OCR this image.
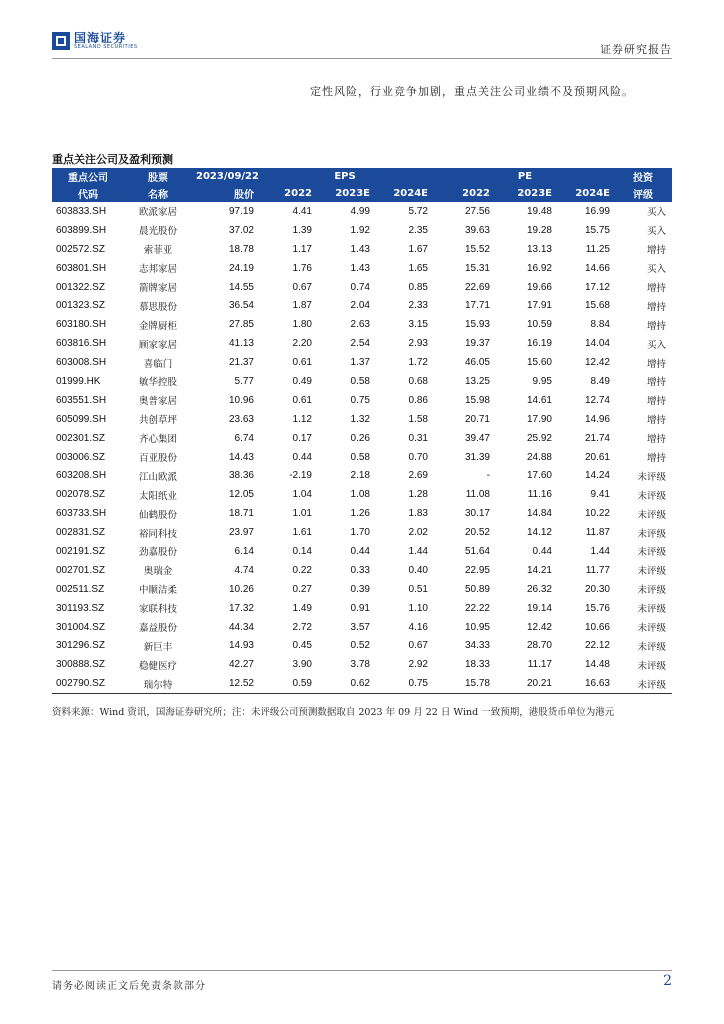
国海证券
SEALAND SECURITIES	证券研究报告
定性风险，行业竞争加剧，重点关注公司业绩不及预期风险。
重点关注公司及盈利预测
重点公司	股票	2023/09/22		EPS			PE		投资
代码	名称	股价	2022	2023E	2024E	2022	2023E	2024E	评级
603833.SH	欧派家居	97.19	4.41	4.99	5.72	27.56	19.48	16.99	买入
603899.SH	晨光股份	37.02	1.39	1.92	2.35	39.63	19.28	15.75	买入
002572.SZ	索菲亚	18.78	1.17	1.43	1.67	15.52	13.13	11.25	增持
603801.SH	志邦家居	24.19	1.76	1.43	1.65	15.31	16.92	14.66	买入
001322.SZ	箭牌家居	14.55	0.67	0.74	0.85	22.69	19.66	17.12	增持
001323.SZ	慕思股份	36.54	1.87	2.04	2.33	17.71	17.91	15.68	增持
603180.SH	金牌厨柜	27.85	1.80	2.63	3.15	15.93	10.59	8.84	增持
603816.SH	顾家家居	41.13	2.20	2.54	2.93	19.37	16.19	14.04	买入
603008.SH	喜临门	21.37	0.61	1.37	1.72	46.05	15.60	12.42	增持
01999.HK	敏华控股	5.77	0.49	0.58	0.68	13.25	9.95	8.49	增持
603551.SH	奥普家居	10.96	0.61	0.75	0.86	15.98	14.61	12.74	增持
605099.SH	共创草坪	23.63	1.12	1.32	1.58	20.71	17.90	14.96	增持
002301.SZ	齐心集团	6.74	0.17	0.26	0.31	39.47	25.92	21.74	增持
003006.SZ	百亚股份	14.43	0.44	0.58	0.70	31.39	24.88	20.61	增持
603208.SH	江山欧派	38.36	-2.19	2.18	2.69	-	17.60	14.24	未评级
002078.SZ	太阳纸业	12.05	1.04	1.08	1.28	11.08	11.16	9.41	未评级
603733.SH	仙鹤股份	18.71	1.01	1.26	1.83	30.17	14.84	10.22	未评级
002831.SZ	裕同科技	23.97	1.61	1.70	2.02	20.52	14.12	11.87	未评级
002191.SZ	劲嘉股份	6.14	0.14	0.44	1.44	51.64	0.44	1.44	未评级
002701.SZ	奥瑞金	4.74	0.22	0.33	0.40	22.95	14.21	11.77	未评级
002511.SZ	中顺洁柔	10.26	0.27	0.39	0.51	50.89	26.32	20.30	未评级
301193.SZ	家联科技	17.32	1.49	0.91	1.10	22.22	19.14	15.76	未评级
301004.SZ	嘉益股份	44.34	2.72	3.57	4.16	10.95	12.42	10.66	未评级
301296.SZ	新巨丰	14.93	0.45	0.52	0.67	34.33	28.70	22.12	未评级
300888.SZ	稳健医疗	42.27	3.90	3.78	2.92	18.33	11.17	14.48	未评级
002790.SZ	瑞尔特	12.52	0.59	0.62	0.75	15.78	20.21	16.63	未评级
资料来源：Wind 资讯，国海证券研究所；注：未评级公司预测数据取自 2023 年 09 月 22 日 Wind 一致预期，港股货币单位为港元
请务必阅读正文后免责条款部分	2
